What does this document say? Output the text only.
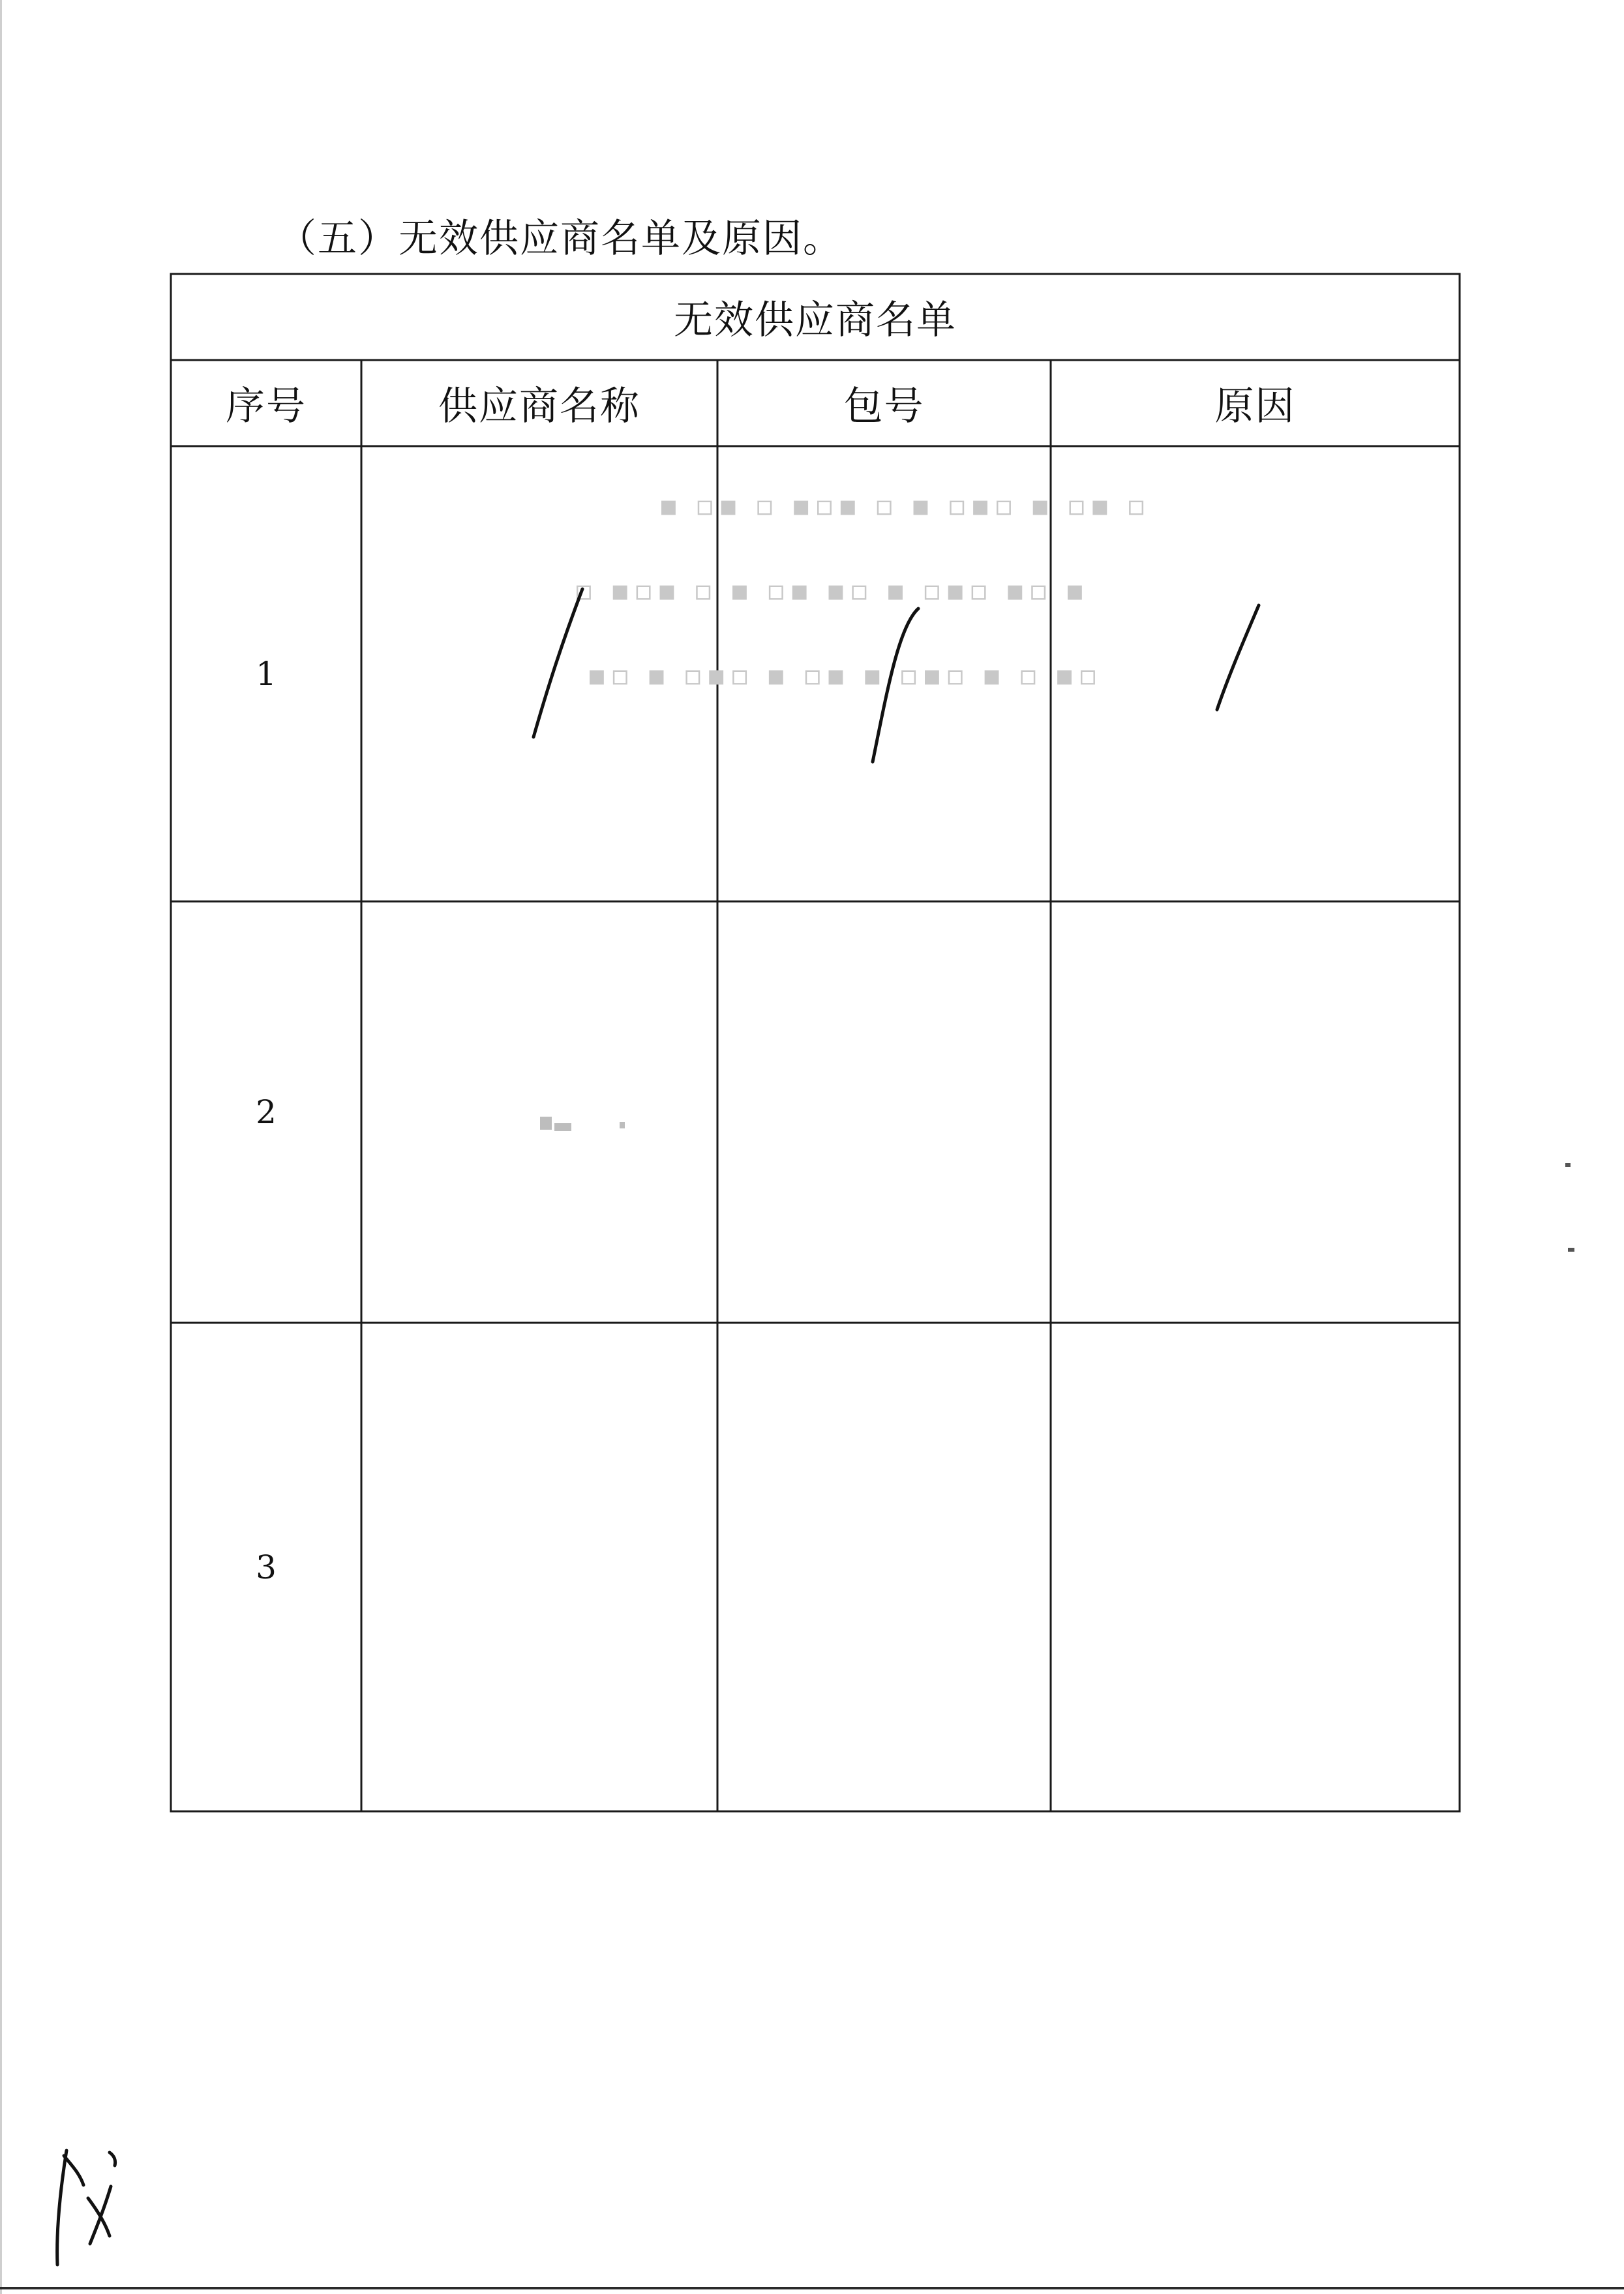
（五）无效供应商名单及原因。
▪ ▫▪ ▫ ▪▫▪ ▫ ▪ ▫▪▫ ▪ ▫▪ ▫
▫ ▪▫▪ ▫ ▪ ▫▪ ▪▫ ▪ ▫▪▫ ▪▫ ▪
▪▫ ▪ ▫▪▫ ▪ ▫▪ ▪ ▫▪▫ ▪ ▫ ▪▫
无效供应商名单
序号	供应商名称	包号	原因
1
2
3
